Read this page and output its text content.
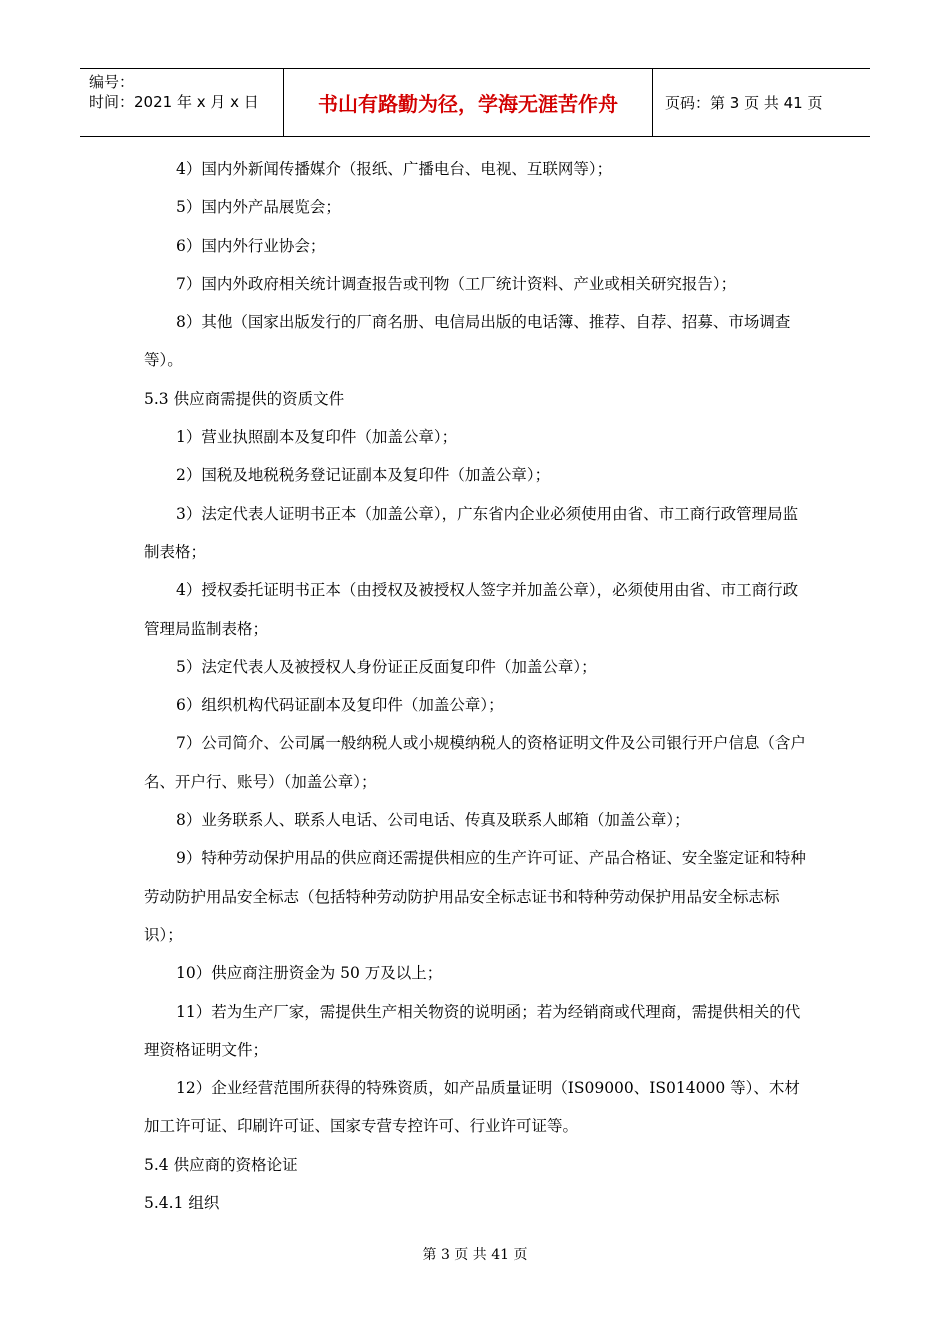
编号：
时间：2021 年 x 月 x 日	书山有路勤为径，学海无涯苦作舟	页码：第 3 页 共 41 页

4）国内外新闻传播媒介（报纸、广播电台、电视、互联网等）；

5）国内外产品展览会；

6）国内外行业协会；

7）国内外政府相关统计调查报告或刊物（工厂统计资料、产业或相关研究报告）；

8）其他（国家出版发行的厂商名册、电信局出版的电话簿、推荐、自荐、招募、市场调查等）。

5.3 供应商需提供的资质文件

1）营业执照副本及复印件（加盖公章）；

2）国税及地税税务登记证副本及复印件（加盖公章）；

3）法定代表人证明书正本（加盖公章），广东省内企业必须使用由省、市工商行政管理局监制表格；

4）授权委托证明书正本（由授权及被授权人签字并加盖公章），必须使用由省、市工商行政管理局监制表格；

5）法定代表人及被授权人身份证正反面复印件（加盖公章）；

6）组织机构代码证副本及复印件（加盖公章）；

7）公司简介、公司属一般纳税人或小规模纳税人的资格证明文件及公司银行开户信息（含户名、开户行、账号）（加盖公章）；

8）业务联系人、联系人电话、公司电话、传真及联系人邮箱（加盖公章）；

9）特种劳动保护用品的供应商还需提供相应的生产许可证、产品合格证、安全鉴定证和特种劳动防护用品安全标志（包括特种劳动防护用品安全标志证书和特种劳动保护用品安全标志标识）；

10）供应商注册资金为 50 万及以上；

11）若为生产厂家，需提供生产相关物资的说明函；若为经销商或代理商，需提供相关的代理资格证明文件；

12）企业经营范围所获得的特殊资质，如产品质量证明（IS09000、IS014000 等）、木材加工许可证、印刷许可证、国家专营专控许可、行业许可证等。

5.4 供应商的资格论证

5.4.1 组织

第 3 页 共 41 页
